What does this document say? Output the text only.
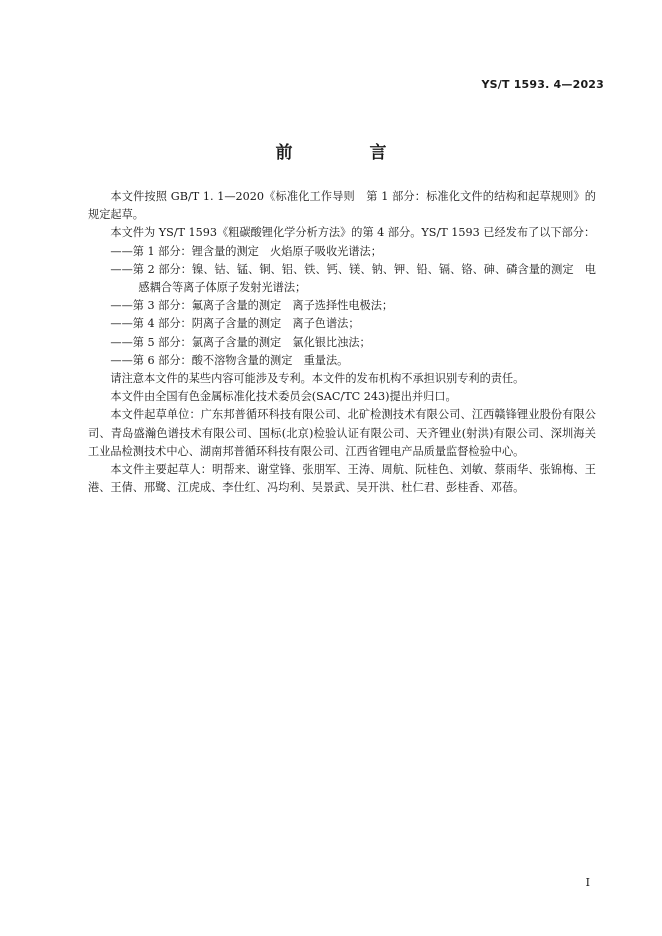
YS/T 1593. 4—2023
前　言

本文件按照 GB/T 1. 1—2020《标准化工作导则　第 1 部分：标准化文件的结构和起草规则》的规定起草。

本文件为 YS/T 1593《粗碳酸锂化学分析方法》的第 4 部分。YS/T 1593 已经发布了以下部分：

——第 1 部分：锂含量的测定　火焰原子吸收光谱法；

——第 2 部分：镍、钴、锰、铜、铝、铁、钙、镁、钠、钾、铅、镉、铬、砷、磷含量的测定　电感耦合等离子体原子发射光谱法；

——第 3 部分：氟离子含量的测定　离子选择性电极法；

——第 4 部分：阴离子含量的测定　离子色谱法；

——第 5 部分：氯离子含量的测定　氯化银比浊法；

——第 6 部分：酸不溶物含量的测定　重量法。

请注意本文件的某些内容可能涉及专利。本文件的发布机构不承担识别专利的责任。

本文件由全国有色金属标准化技术委员会(SAC/TC 243)提出并归口。

本文件起草单位：广东邦普循环科技有限公司、北矿检测技术有限公司、江西赣锋锂业股份有限公司、青岛盛瀚色谱技术有限公司、国标(北京)检验认证有限公司、天齐锂业(射洪)有限公司、深圳海关工业品检测技术中心、湖南邦普循环科技有限公司、江西省锂电产品质量监督检验中心。

本文件主要起草人：明帮来、谢堂锋、张朋军、王涛、周航、阮桂色、刘敏、蔡雨华、张锦梅、王港、王倩、邢鹭、江虎成、李仕红、冯均利、吴景武、吴开洪、杜仁君、彭桂香、邓蓓。

I
